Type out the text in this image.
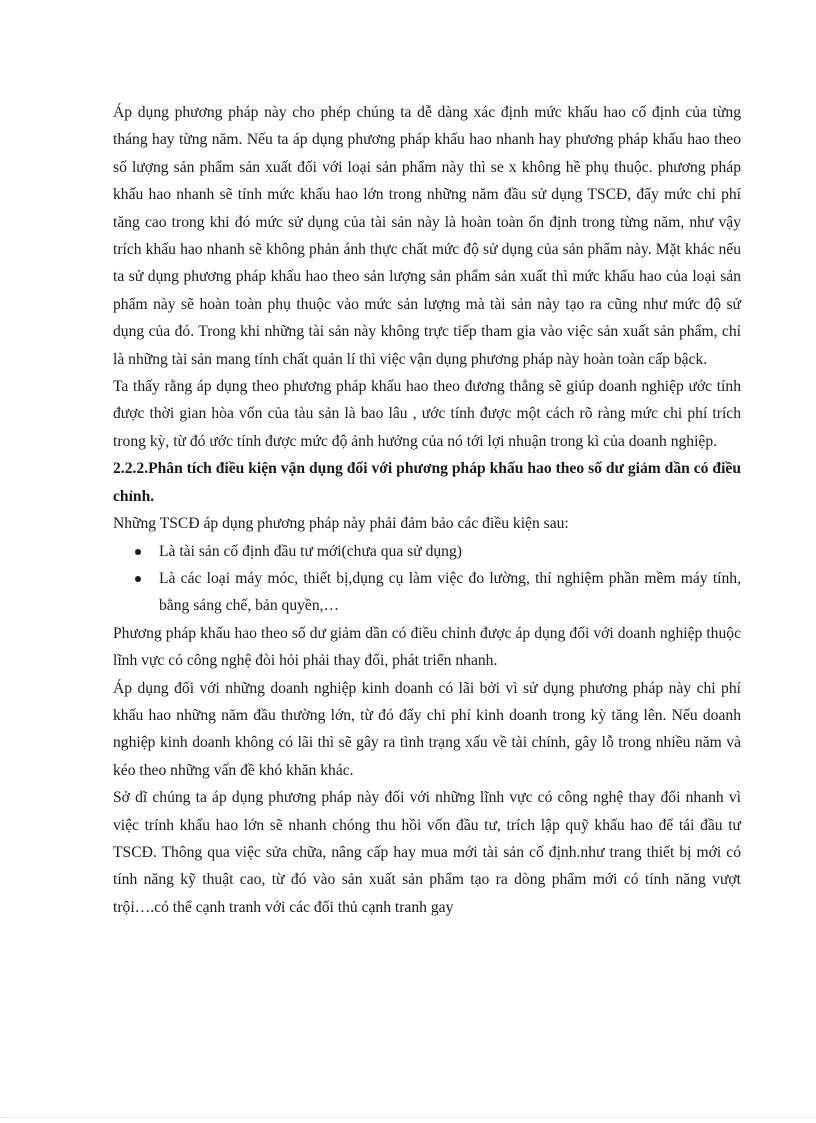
Áp dụng phương pháp này cho phép chúng ta dễ dàng xác định mức khấu hao cố định của từng tháng hay từng năm. Nếu ta áp dụng phương pháp khấu hao nhanh hay phương pháp khấu hao theo số lượng sản phẩm sản xuất đối với loại sản phẩm này thì se x không hề phụ thuộc. phương pháp khấu hao nhanh sẽ tính mức khấu hao lớn trong những năm đầu sử dụng TSCĐ, đẩy mức chi phí tăng cao trong khi đó mức sử dụng của tài sản này là hoàn toàn ổn định trong từng năm, như vậy trích khấu hao nhanh sẽ không phản ánh thực chất mức độ sử dụng của sản phẩm này. Mặt khác nếu ta sử dụng phương pháp khấu hao theo sản lượng sản phẩm sản xuất thì mức khấu hao của loại sản phẩm này sẽ hoàn toàn phụ thuộc vào mức sản lượng mà tài sản này tạo ra cũng như mức độ sử dụng của đó. Trong khi những tài sản này không trực tiếp tham gia vào việc sản xuất sản phẩm, chỉ là những tài sản mang tính chất quản lí thì việc vận dụng phương pháp này hoàn toàn cấp bậck.

Ta thấy rằng áp dụng theo phương pháp khấu hao theo đương thẳng sẽ giúp doanh nghiệp ước tính được thời gian hòa vốn của tàu sản là bao lâu , ước tính được một cách rõ ràng mức chi phí trích trong kỳ, từ đó ước tính được mức độ ảnh hưởng của nó tới lợi nhuận trong kì của doanh nghiệp.

2.2.2.Phân tích điều kiện vận dụng đối với phương pháp khấu hao theo số dư giảm dần có điều chỉnh.

Những TSCĐ áp dụng phương pháp này phải đảm bảo các điều kiện sau:

Là tài sản cố định đầu tư mới(chưa qua sử dụng)
Là các loại máy móc, thiết bị,dụng cụ làm việc đo lường, thí nghiệm phần mềm máy tính, bằng sáng chế, bản quyền,…

Phương pháp khấu hao theo số dư giảm dần có điều chỉnh được áp dụng đối với doanh nghiệp thuộc lĩnh vực có công nghệ đòi hỏi phải thay đổi, phát triển nhanh.

Áp dụng đối với những doanh nghiệp kinh doanh có lãi bởi vì sử dụng phương pháp này chi phí khấu hao những năm đầu thường lớn, từ đó đẩy chi phí kinh doanh trong kỳ tăng lên. Nếu doanh nghiệp kinh doanh không có lãi thì sẽ gây ra tình trạng xấu về tài chính, gây lỗ trong nhiều năm và kéo theo những vấn đề khó khăn khác.

Sở dĩ chúng ta áp dụng phương pháp này đối với những lĩnh vực có công nghệ thay đổi nhanh vì việc trính khấu hao lớn sẽ nhanh chóng thu hồi vốn đầu tư, trích lập quỹ khấu hao để tái đầu tư TSCĐ. Thông qua việc sửa chữa, nâng cấp hay mua mới tài sản cố định.như trang thiết bị mới có tính năng kỹ thuật cao, từ đó vào sản xuất sản phẩm tạo ra dòng phẩm mới có tính năng vượt trội….có thể cạnh tranh với các đối thủ cạnh tranh gay
